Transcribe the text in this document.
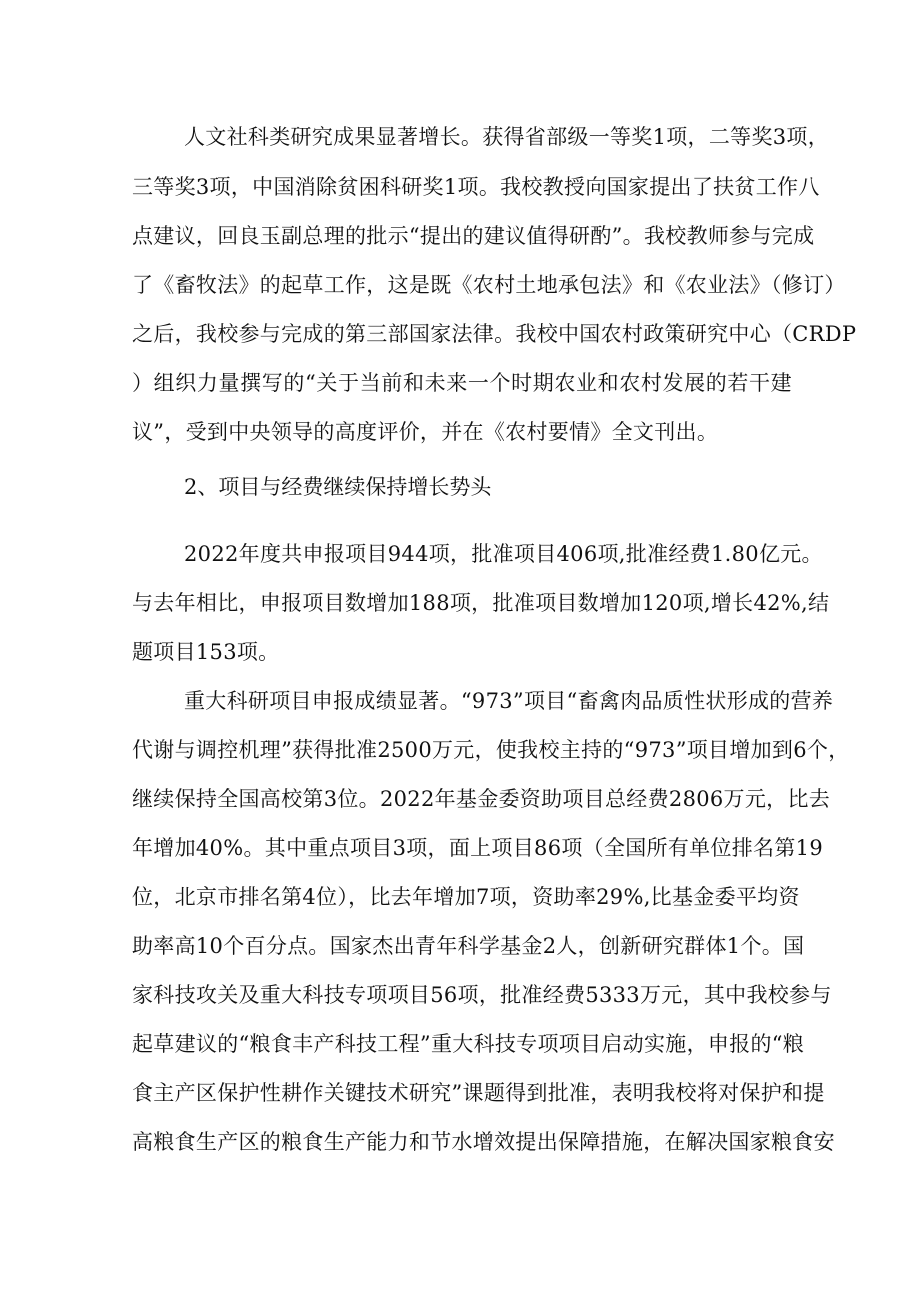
人文社科类研究成果显著增长。获得省部级一等奖1项，二等奖3项，
三等奖3项，中国消除贫困科研奖1项。我校教授向国家提出了扶贫工作八
点建议，回良玉副总理的批示“提出的建议值得研酌”。我校教师参与完成
了《畜牧法》的起草工作，这是既《农村土地承包法》和《农业法》（修订）
之后，我校参与完成的第三部国家法律。我校中国农村政策研究中心（CRDP
）组织力量撰写的“关于当前和未来一个时期农业和农村发展的若干建
议”，受到中央领导的高度评价，并在《农村要情》全文刊出。
2、项目与经费继续保持增长势头
2022年度共申报项目944项，批准项目406项,批准经费1.80亿元。
与去年相比，申报项目数增加188项，批准项目数增加120项,增长42%,结
题项目153项。
重大科研项目申报成绩显著。“973”项目“畜禽肉品质性状形成的营养
代谢与调控机理”获得批准2500万元，使我校主持的“973”项目增加到6个，
继续保持全国高校第3位。2022年基金委资助项目总经费2806万元，比去
年增加40%。其中重点项目3项，面上项目86项（全国所有单位排名第19
位，北京市排名第4位），比去年增加7项，资助率29%,比基金委平均资
助率高10个百分点。国家杰出青年科学基金2人，创新研究群体1个。国
家科技攻关及重大科技专项项目56项，批准经费5333万元，其中我校参与
起草建议的“粮食丰产科技工程”重大科技专项项目启动实施，申报的“粮
食主产区保护性耕作关键技术研究”课题得到批准，表明我校将对保护和提
高粮食生产区的粮食生产能力和节水增效提出保障措施，在解决国家粮食安
